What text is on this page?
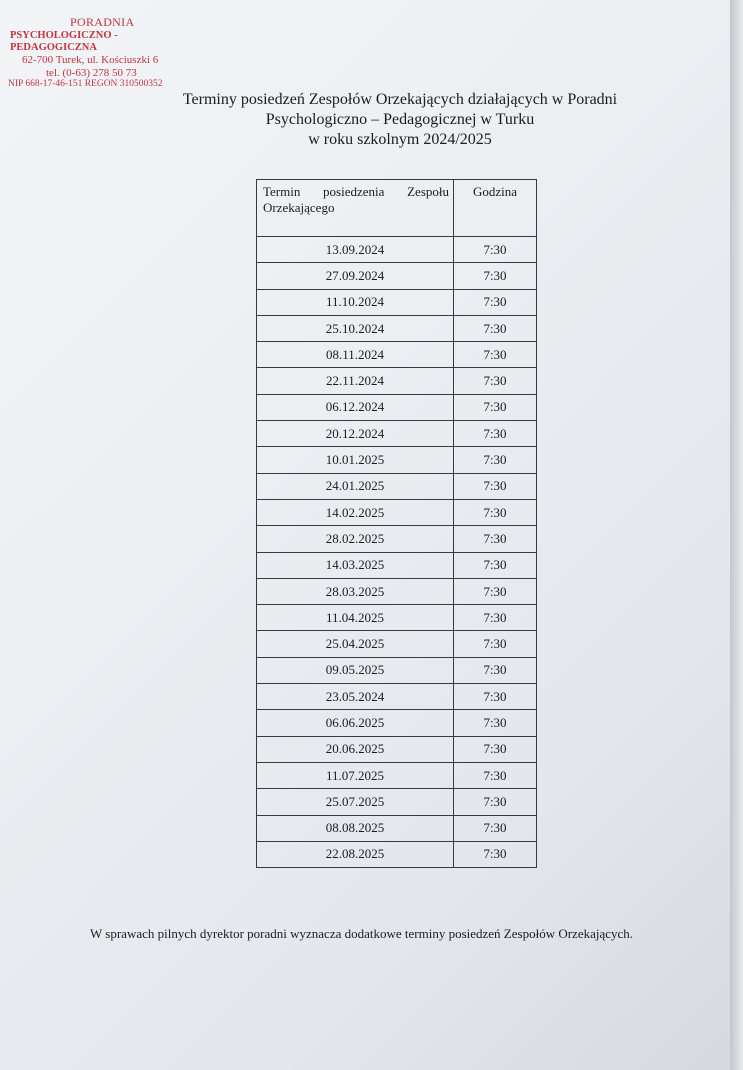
PORADNIA
PSYCHOLOGICZNO - PEDAGOGICZNA
62-700 Turek, ul. Kościuszki 6
tel. (0-63) 278 50 73
NIP 668-17-46-151 REGON 310500352
Terminy posiedzeń Zespołów Orzekających działających w Poradni
Psychologiczno – Pedagogicznej w Turku
w roku szkolnym 2024/2025
Termin posiedzenia Zespołu Orzekającego	Godzina
13.09.2024	7:30
27.09.2024	7:30
11.10.2024	7:30
25.10.2024	7:30
08.11.2024	7:30
22.11.2024	7:30
06.12.2024	7:30
20.12.2024	7:30
10.01.2025	7:30
24.01.2025	7:30
14.02.2025	7:30
28.02.2025	7:30
14.03.2025	7:30
28.03.2025	7:30
11.04.2025	7:30
25.04.2025	7:30
09.05.2025	7:30
23.05.2024	7:30
06.06.2025	7:30
20.06.2025	7:30
11.07.2025	7:30
25.07.2025	7:30
08.08.2025	7:30
22.08.2025	7:30
W sprawach pilnych dyrektor poradni wyznacza dodatkowe terminy posiedzeń Zespołów Orzekających.
